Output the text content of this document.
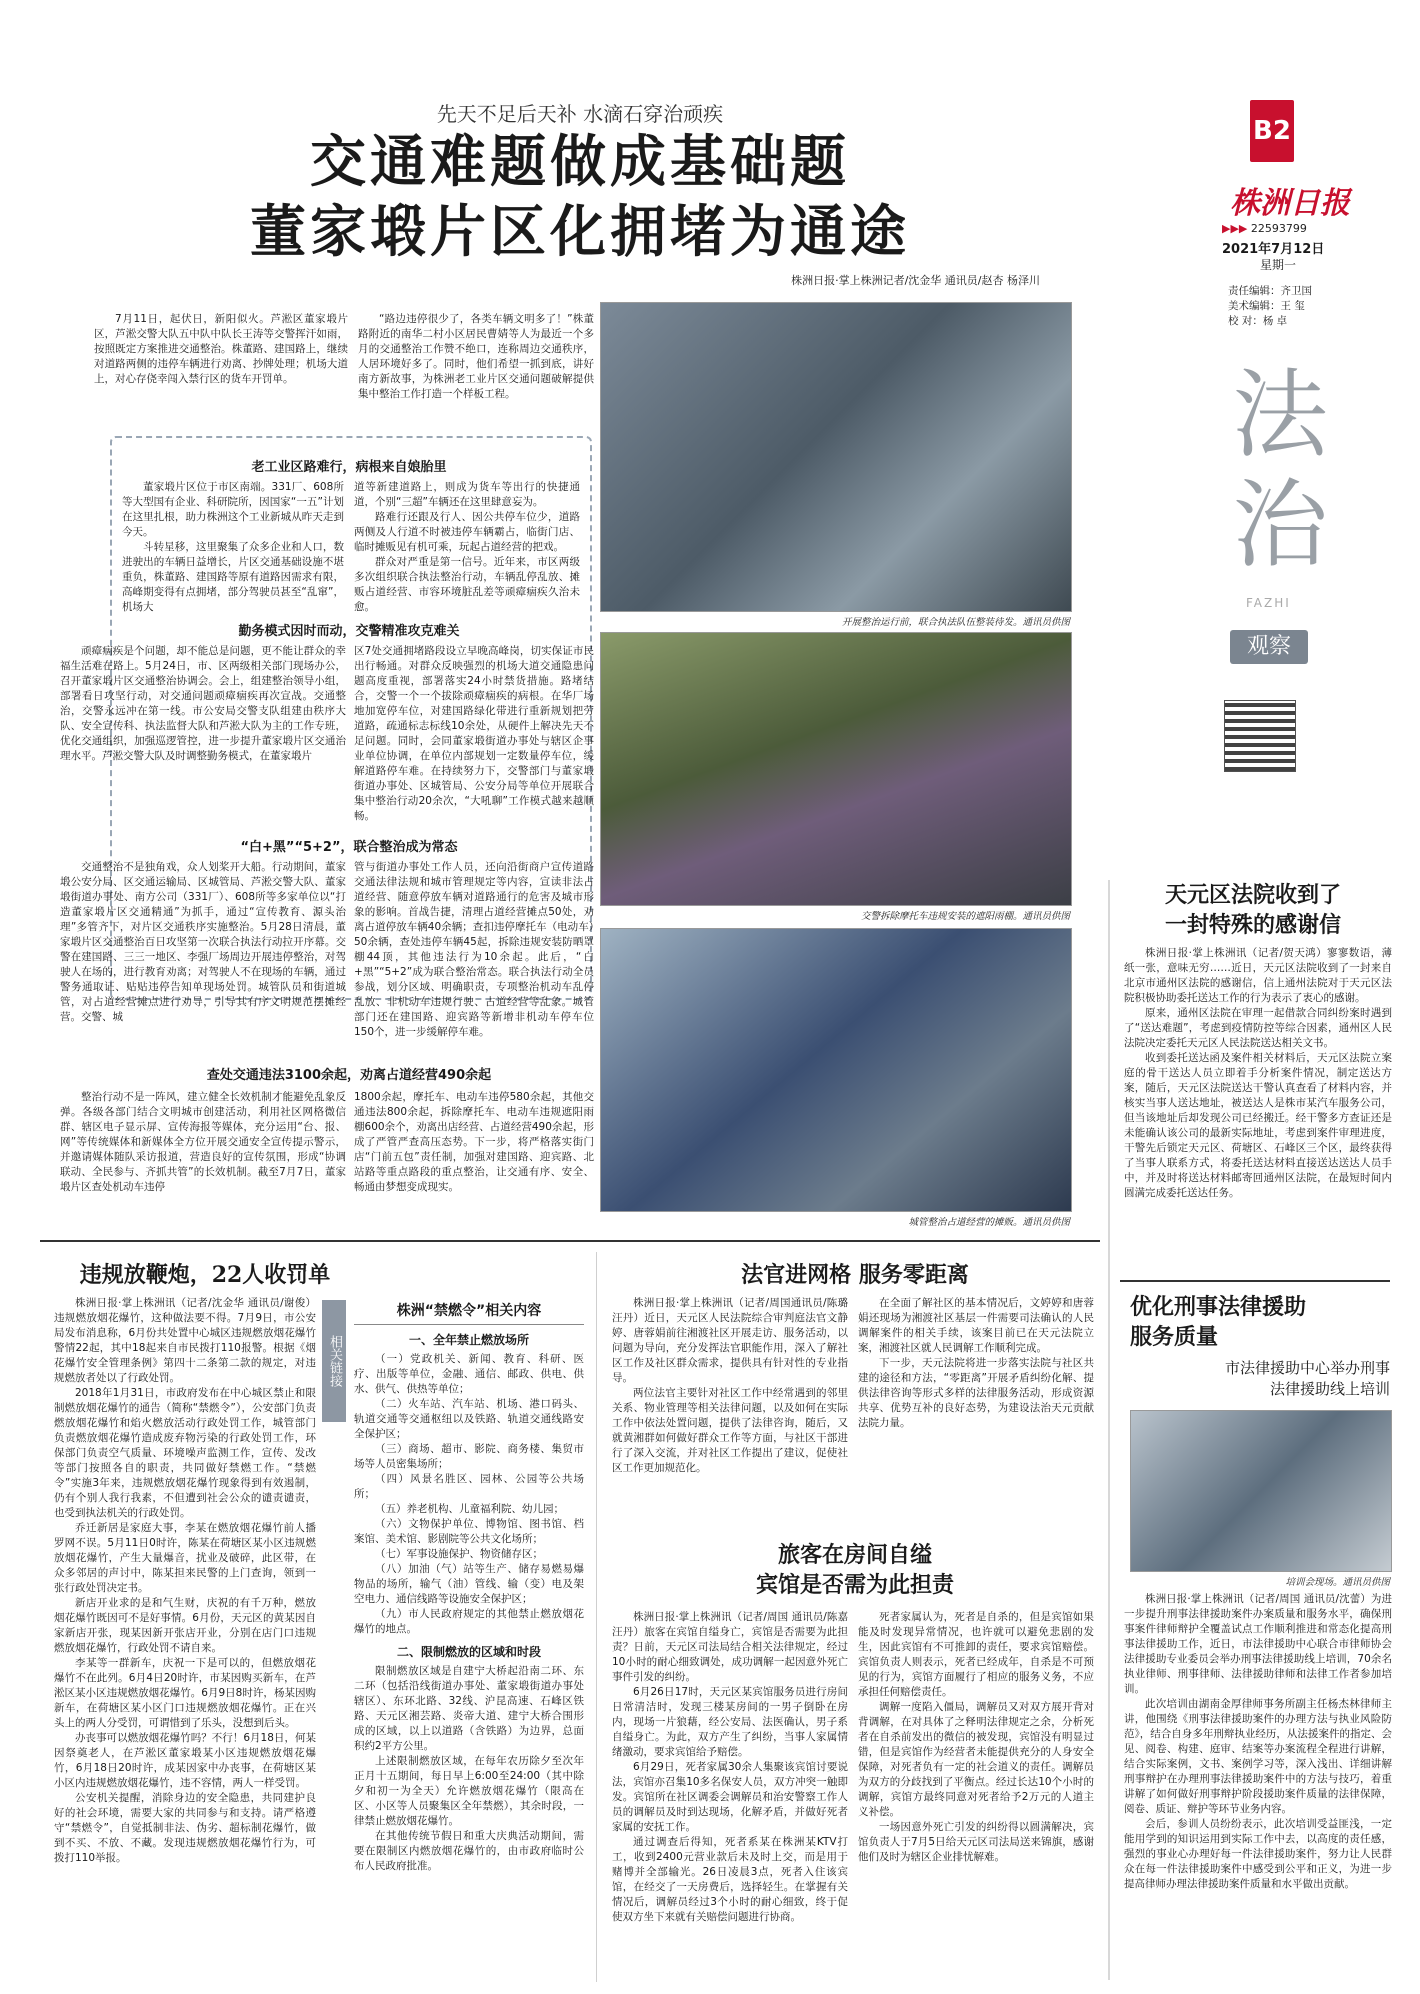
先天不足后天补 水滴石穿治顽疾
交通难题做成基础题
董家塅片区化拥堵为通途
株洲日报·掌上株洲记者/沈金华 通讯员/赵杏 杨泽川
B2
株洲日报
▶▶▶ 22593799
2021年7月12日
星期一
责任编辑：齐卫国
美术编辑：王 玺
校 对：杨 卓
法治
FAZHI
观察

7月11日，起伏日，新阳似火。芦淞区董家塅片区，芦淞交警大队五中队中队长王涛等交警挥汗如雨，按照既定方案推进交通整治。株董路、建国路上，继续对道路两侧的违停车辆进行劝离、抄牌处理；机场大道上，对心存侥幸闯入禁行区的货车开罚单。

“路边违停很少了，各类车辆文明多了！”株董路附近的南华二村小区居民曹婧等人为最近一个多月的交通整治工作赞不绝口，连称周边交通秩序，人居环境好多了。同时，他们希望一抓到底，讲好南方新故事，为株洲老工业片区交通问题破解提供集中整治工作打造一个样板工程。

老工业区路难行，病根来自娘胎里

董家塅片区位于市区南端。331厂、608所等大型国有企业、科研院所，因国家“一五”计划在这里扎根，助力株洲这个工业新城从昨天走到今天。

斗转星移，这里聚集了众多企业和人口，数进驶出的车辆日益增长，片区交通基础设施不堪重负，株董路、建国路等原有道路因需求有限，高峰期变得有点拥堵，部分驾驶员甚至“乱窜”，机场大

道等新建道路上，则成为货车等出行的快捷通道，个别“三超”车辆还在这里肆意妄为。

路难行还跟及行人、因公共停车位少，道路两侧及人行道不时被违停车辆霸占，临街门店、临时摊贩见有机可乘，玩起占道经营的把戏。

群众对严重是第一信号。近年来，市区两级多次组织联合执法整治行动，车辆乱停乱放、摊贩占道经营、市容环境脏乱差等顽瘴痼疾久治未愈。

勤务模式因时而动，交警精准攻克难关

顽瘴痼疾是个问题，却不能总是问题，更不能让群众的幸福生活难在路上。5月24日，市、区两级相关部门现场办公，召开董家塅片区交通整治协调会。会上，组建整治领导小组，部署看日攻坚行动，对交通问题顽瘴痼疾再次宣战。交通整治，交警永远冲在第一线。市公安局交警支队组建由秩序大队、安全宣传科、执法监督大队和芦淞大队为主的工作专班，优化交通组织，加强巡逻管控，进一步提升董家塅片区交通治理水平。芦淞交警大队及时调整勤务模式，在董家塅片

区7处交通拥堵路段设立早晚高峰岗，切实保证市民出行畅通。对群众反映强烈的机场大道交通隐患问题高度重视，部署落实24小时禁货措施。路堵结合，交警一个一个拔除顽瘴痼疾的病根。在华厂场地加宽停车位，对建国路绿化带进行重新规划把劳道路，疏通标志标线10余处，从硬件上解决先天不足问题。同时，会同董家塅街道办事处与辖区企事业单位协调，在单位内部规划一定数量停车位，缓解道路停车难。在持续努力下，交警部门与董家塅街道办事处、区城管局、公安分局等单位开展联合集中整治行动20余次，“大吼聊”工作模式越来越顺畅。

“白+黑”“5+2”，联合整治成为常态

交通整治不是独角戏，众人划桨开大船。行动期间，董家塅公安分局、区交通运输局、区城管局、芦淞交警大队、董家塅街道办事处、南方公司（331厂）、608所等多家单位以“打造董家塅片区交通精通”为抓手，通过“宣传教育、源头治理”多管齐下，对片区交通秩序实施整治。5月28日清晨，董家塅片区交通整治百日攻坚第一次联合执法行动拉开序幕。交警在建国路、三三一地区、李强厂场周边开展违停整治，对驾驶人在场的，进行教育劝离；对驾驶人不在现场的车辆，通过警务通取证、贴贴违停告知单现场处罚。城管队员和街道城管，对占道经营摊点进行劝导，引导其有序文明规范摆摊经营。交警、城

管与街道办事处工作人员，还向沿街商户宣传道路交通法律法规和城市管理规定等内容，宣读非法占道经营、随意停放车辆对道路通行的危害及城市形象的影响。首战告捷，清理占道经营摊点50处，劝离占道停放车辆40余辆；查扣违停摩托车（电动车）50余辆，查处违停车辆45起，拆除违规安装防晒罩棚44顶，其他违法行为10余起。此后，“白+黑”“5+2”成为联合整治常态。联合执法行动全员参战，划分区域、明确职责，专项整治机动车乱停乱放、非机动车违规行驶、占道经营等乱象。城管部门还在建国路、迎宾路等新增非机动车停车位150个，进一步缓解停车难。

查处交通违法3100余起，劝离占道经营490余起

整治行动不是一阵风，建立健全长效机制才能避免乱象反弹。各级各部门结合文明城市创建活动，利用社区网格微信群、辖区电子显示屏、宣传海报等媒体，充分运用“台、报、网”等传统媒体和新媒体全方位开展交通安全宣传提示警示，并邀请媒体随队采访报道，营造良好的宣传氛围，形成“协调联动、全民参与、齐抓共管”的长效机制。截至7月7日，董家塅片区查处机动车违停

1800余起，摩托车、电动车违停580余起，其他交通违法800余起，拆除摩托车、电动车违规遮阳雨棚600余个，劝离出店经营、占道经营490余起，形成了严管严查高压态势。下一步，将严格落实街门店“门前五包”责任制，加强对建国路、迎宾路、北站路等重点路段的重点整治，让交通有序、安全、畅通由梦想变成现实。

开展整治运行前，联合执法队伍整装待发。通讯员供图
交警拆除摩托车违规安装的遮阳雨棚。通讯员供图
城管整治占道经营的摊贩。通讯员供图
天元区法院收到了
一封特殊的感谢信

株洲日报·掌上株洲讯（记者/贺天鸿）寥寥数语，薄纸一张，意味无穷……近日，天元区法院收到了一封来自北京市通州区法院的感谢信，信上通州法院对于天元区法院积极协助委托送达工作的行为表示了衷心的感谢。

原来，通州区法院在审理一起借款合同纠纷案时遇到了“送达难题”，考虑到疫情防控等综合因素，通州区人民法院决定委托天元区人民法院送达相关文书。

收到委托送达函及案件相关材料后，天元区法院立案庭的骨干送达人员立即着手分析案件情况，制定送达方案，随后，天元区法院送达干警认真查看了材料内容，并核实当事人送达地址，被送达人是株市某汽车服务公司，但当该地址后却发现公司已经搬迁。经干警多方查证还是未能确认该公司的最新实际地址，考虑到案件审理进度，干警先后锁定天元区、荷塘区、石峰区三个区，最终获得了当事人联系方式，将委托送达材料直接送达送达人员手中，并及时将送达材料邮寄回通州区法院，在最短时间内圆满完成委托送达任务。

优化刑事法律援助
服务质量
市法律援助中心举办刑事
法律援助线上培训
培训会现场。通讯员供图

株洲日报·掌上株洲讯（记者/周国 通讯员/沈蕾）为进一步提升刑事法律援助案件办案质量和服务水平，确保刑事案件律师辩护全覆盖试点工作顺利推进和常态化提高刑事法律援助工作，近日，市法律援助中心联合市律师协会法律援助专业委员会举办刑事法律援助线上培训，70余名执业律师、刑事律师、法律援助律师和法律工作者参加培训。

此次培训由湖南金厚律师事务所副主任杨杰林律师主讲，他围绕《刑事法律援助案件的办理方法与执业风险防范》，结合自身多年刑辩执业经历，从法援案件的指定、会见、阅卷、构建、庭审、结案等办案流程全程进行讲解，结合实际案例，文书、案例学习等，深入浅出、详细讲解刑事辩护在办理刑事法律援助案件中的方法与技巧，着重讲解了如何做好刑事辩护阶段援助案件质量的法律保障，阅卷、质证、辩护等环节业务内容。

会后，参训人员纷纷表示，此次培训受益匪浅，一定能用学到的知识运用到实际工作中去，以高度的责任感，强烈的事业心办理好每一件法律援助案件，努力让人民群众在每一件法律援助案件中感受到公平和正义，为进一步提高律师办理法律援助案件质量和水平做出贡献。

违规放鞭炮，22人收罚单

株洲日报·掌上株洲讯（记者/沈金华 通讯员/谢俊）违规燃放烟花爆竹，这种做法要不得。7月9日，市公安局发布消息称，6月份共处置中心城区违规燃放烟花爆竹警情22起，其中18起来自市民拨打110报警。根据《烟花爆竹安全管理条例》第四十二条第二款的规定，对违规燃放者处以了行政处罚。

2018年1月31日，市政府发布在中心城区禁止和限制燃放烟花爆竹的通告（简称“禁燃令”），公安部门负责燃放烟花爆竹和焰火燃放活动行政处罚工作，城管部门负责燃放烟花爆竹造成废弃物污染的行政处罚工作，环保部门负责空气质量、环境噪声监测工作，宣传、发改等部门按照各自的职责，共同做好禁燃工作。“禁燃令”实施3年来，违规燃放烟花爆竹现象得到有效遏制，仍有个别人我行我素，不但遭到社会公众的谴责谴责，也受到执法机关的行政处罚。

乔迁新居是家庭大事，李某在燃放烟花爆竹前人播罗网不误。5月11日0时许，陈某在荷塘区某小区违规燃放烟花爆竹，产生大量爆音，扰业及破碎，此区带，在众多邻居的声讨中，陈某担来民警的上门查询，领到一张行政处罚决定书。

新店开业求的是和气生财，庆祝的有千万种，燃放烟花爆竹既因可不是好事情。6月份，天元区的黄某因自家新店开张，现某因新开张店开业，分别在店门口违规燃放烟花爆竹，行政处罚不请自来。

李某等一群新车，庆祝一下是可以的，但燃放烟花爆竹不在此列。6月4日20时许，市某因购买新车，在芦淞区某小区违规燃放烟花爆竹。6月9日8时许，杨某因购新车，在荷塘区某小区门口违规燃放烟花爆竹。正在兴头上的两人分受罚，可谓惜到了乐头，没想到后头。

办丧事可以燃放烟花爆竹吗？不行！6月18日，何某因祭奠老人，在芦淞区董家塅某小区违规燃放烟花爆竹，6月18日20时许，成某因家中办丧事，在荷塘区某小区内违规燃放烟花爆竹，违不容情，两人一样受罚。

公安机关提醒，消除身边的安全隐患，共同建护良好的社会环境，需要大家的共同参与和支持。请严格遵守“禁燃令”，自觉抵制非法、伪劣、超标制花爆竹，做到不买、不放、不藏。发现违规燃放烟花爆竹行为，可拨打110举报。

相关链接
株洲“禁燃令”相关内容
一、全年禁止燃放场所

（一）党政机关、新闻、教育、科研、医疗、出版等单位，金融、通信、邮政、供电、供水、供气、供热等单位；

（二）火车站、汽车站、机场、港口码头、轨道交通等交通枢纽以及铁路、轨道交通线路安全保护区；

（三）商场、超市、影院、商务楼、集贸市场等人员密集场所；

（四）风景名胜区、园林、公园等公共场所；

（五）养老机构、儿童福利院、幼儿园；

（六）文物保护单位、博物馆、图书馆、档案馆、美术馆、影剧院等公共文化场所；

（七）军事设施保护、物资储存区；

（八）加油（气）站等生产、储存易燃易爆物品的场所，输气（油）管线、输（变）电及架空电力、通信线路等设施安全保护区；

（九）市人民政府规定的其他禁止燃放烟花爆竹的地点。

二、限制燃放的区域和时段

限制燃放区域是自建宁大桥起沿南二环、东二环（包括沿线街道办事处、董家塅街道办事处辖区）、东环北路、32线、沪昆高速、石峰区铁路、天元区湘芸路、炎帝大道、建宁大桥合围形成的区域，以上以道路（含铁路）为边界，总面积约2平方公里。

上述限制燃放区域，在每年农历除夕至次年正月十五期间，每日早上6:00至24:00（其中除夕和初一为全天）允许燃放烟花爆竹（限高在区、小区等人员聚集区全年禁燃），其余时段，一律禁止燃放烟花爆竹。

在其他传统节假日和重大庆典活动期间，需要在限制区内燃放烟花爆竹的，由市政府临时公布人民政府批准。

法官进网格 服务零距离

株洲日报·掌上株洲讯（记者/周国通讯员/陈璐 汪丹）近日，天元区人民法院综合审判庭法官文静婷、唐蓉娟前往湘渡社区开展走访、服务活动，以问题为导向，充分发挥法官职能作用，深入了解社区工作及社区群众需求，提供具有针对性的专业指导。

两位法官主要针对社区工作中经常遇到的邻里关系、物业管理等相关法律问题，以及如何在实际工作中依法处置问题，提供了法律咨询，随后，又就黄湘群如何做好群众工作等方面，与社区干部进行了深入交流，并对社区工作提出了建议，促使社区工作更加规范化。

在全面了解社区的基本情况后，文婷婷和唐蓉娟还现场为湘渡社区基层一件需要司法确认的人民调解案件的相关手续，该案目前已在天元法院立案，湘渡社区就人民调解工作顺利完成。

下一步，天元法院将进一步落实法院与社区共建的途径和方法，“零距离”开展矛盾纠纷化解、提供法律咨询等形式多样的法律服务活动，形成资源共享、优势互补的良好态势，为建设法治天元贡献法院力量。

旅客在房间自缢
宾馆是否需为此担责

株洲日报·掌上株洲讯（记者/周国 通讯员/陈嘉 汪丹）旅客在宾馆自缢身亡，宾馆是否需要为此担责？日前，天元区司法局结合相关法律规定，经过10小时的耐心细致调处，成功调解一起因意外死亡事件引发的纠纷。

6月26日17时，天元区某宾馆服务员进行房间日常清洁时，发现三楼某房间的一男子倒卧在房内，现场一片狼藉，经公安局、法医确认，男子系自缢身亡。为此，双方产生了纠纷，当事人家属情绪激动，要求宾馆给予赔偿。

6月29日，死者家属30余人集聚该宾馆讨要说法，宾馆亦召集10多名保安人员，双方冲突一触即发。宾馆所在社区调委会调解员和治安警察工作人员的调解员及时到达现场，化解矛盾，并做好死者家属的安抚工作。

通过调查后得知，死者系某在株洲某KTV打工，收到2400元营业款后未及时上交，而是用于赌博并全部输光。26日凌晨3点，死者入住该宾馆，在经交了一天房费后，选择轻生。在掌握有关情况后，调解员经过3个小时的耐心细致，终于促使双方坐下来就有关赔偿问题进行协商。

死者家属认为，死者是自杀的，但是宾馆如果能及时发现异常情况，也许就可以避免悲剧的发生，因此宾馆有不可推卸的责任，要求宾馆赔偿。宾馆负责人则表示，死者已经成年，自杀是不可预见的行为，宾馆方面履行了相应的服务义务，不应承担任何赔偿责任。

调解一度陷入僵局，调解员又对双方展开背对背调解，在对具体了之释明法律规定之余，分析死者在自杀前发出的微信的被发现，宾馆没有明显过错，但是宾馆作为经营者未能提供充分的人身安全保障，对死者负有一定的社会道义的责任。调解员为双方的分歧找到了平衡点。经过长达10个小时的调解，宾馆方最终同意对死者给予2万元的人道主义补偿。

一场因意外死亡引发的纠纷得以圆满解决，宾馆负责人于7月5日给天元区司法局送来锦旗，感谢他们及时为辖区企业排忧解难。
